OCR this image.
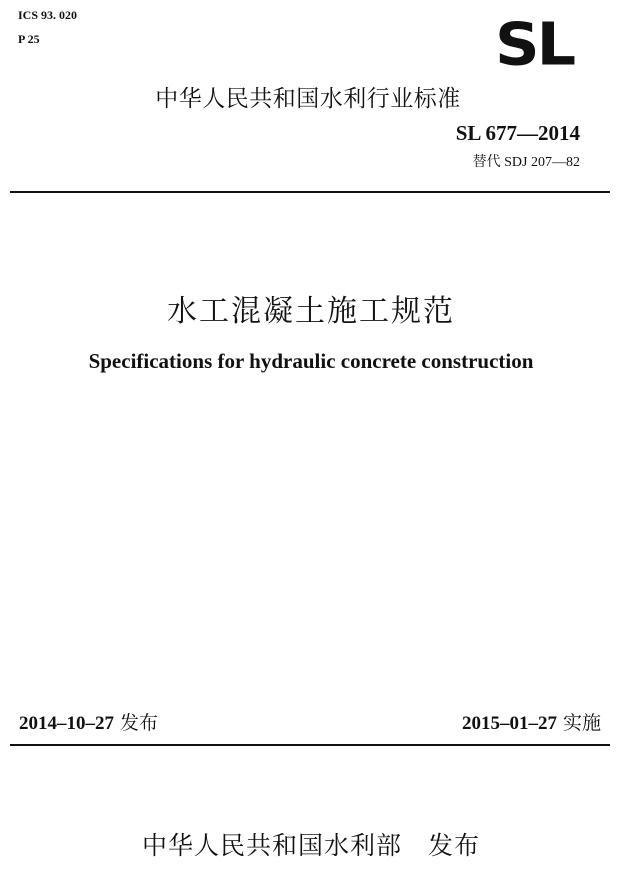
ICS 93. 020
P 25	SL
中华人民共和国水利行业标准
SL 677—2014
替代 SDJ 207—82
水工混凝土施工规范
Specifications for hydraulic concrete construction
2014–10–27 发布	2015–01–27 实施
中华人民共和国水利部　发布
